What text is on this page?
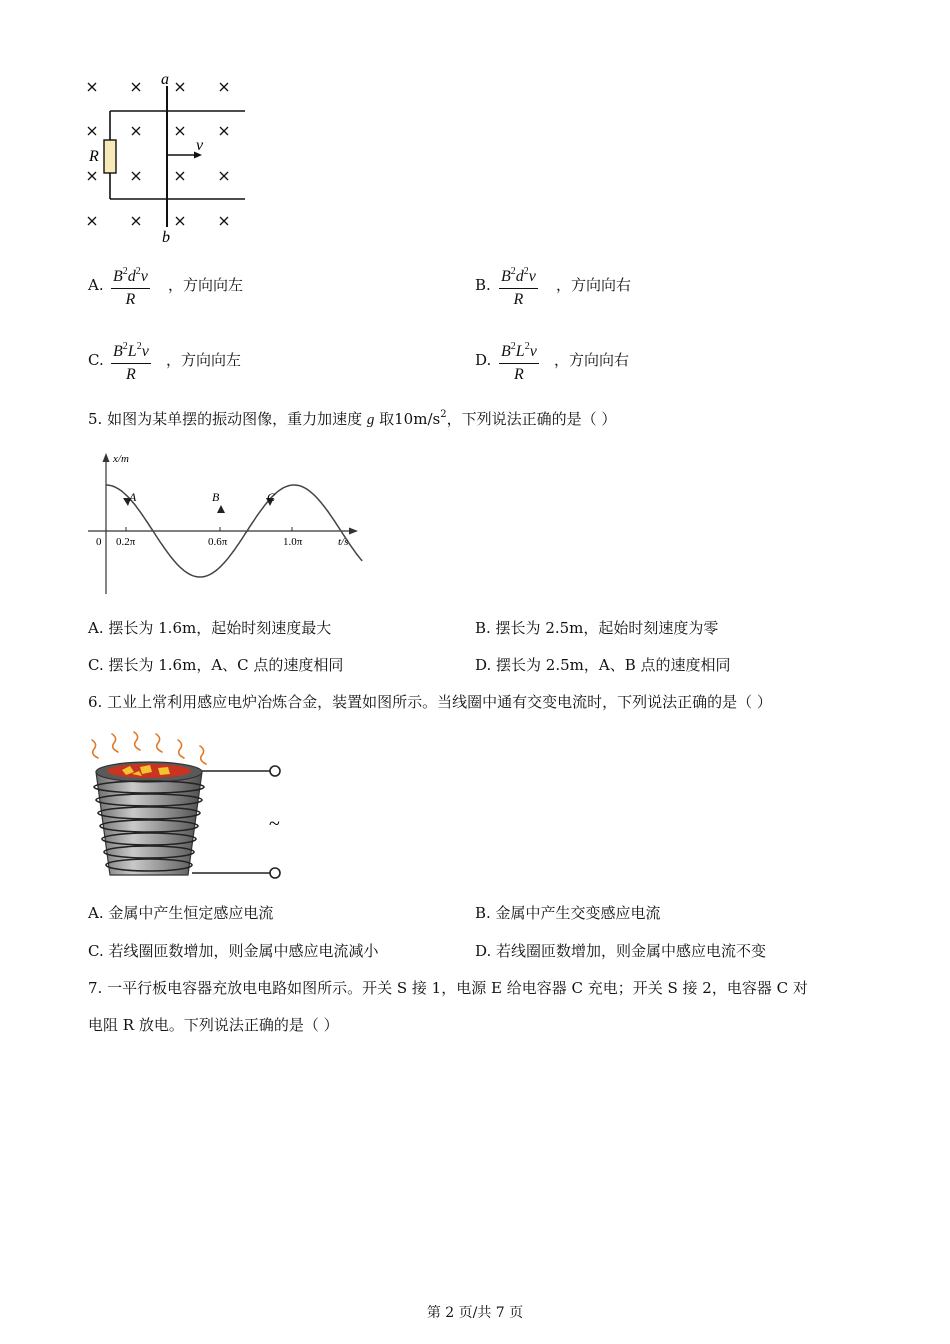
a
b
R
v
A. $\frac{B^2d^2v}{R}$ ，方向向左	B. $\frac{B^2d^2v}{R}$ ，方向向右
C. $\frac{B^2L^2v}{R}$ ，方向向左	D. $\frac{B^2L^2v}{R}$ ，方向向右
5. 如图为某单摆的振动图像，重力加速度 g 取$10m/s^2$，下列说法正确的是（ ）
x/m
t/s
0 0.2π	0.6π	1.0π
A	B	C
A. 摆长为 1.6m，起始时刻速度最大	B. 摆长为 2.5m，起始时刻速度为零
C. 摆长为 1.6m，A、C 点的速度相同	D. 摆长为 2.5m，A、B 点的速度相同
6. 工业上常利用感应电炉冶炼合金，装置如图所示。当线圈中通有交变电流时，下列说法正确的是（ ）
~
A. 金属中产生恒定感应电流	B. 金属中产生交变感应电流
C. 若线圈匝数增加，则金属中感应电流减小	D. 若线圈匝数增加，则金属中感应电流不变
7. 一平行板电容器充放电电路如图所示。开关 S 接 1，电源 E 给电容器 C 充电；开关 S 接 2，电容器 C 对
电阻 R 放电。下列说法正确的是（ ）
第 2 页/共 7 页
